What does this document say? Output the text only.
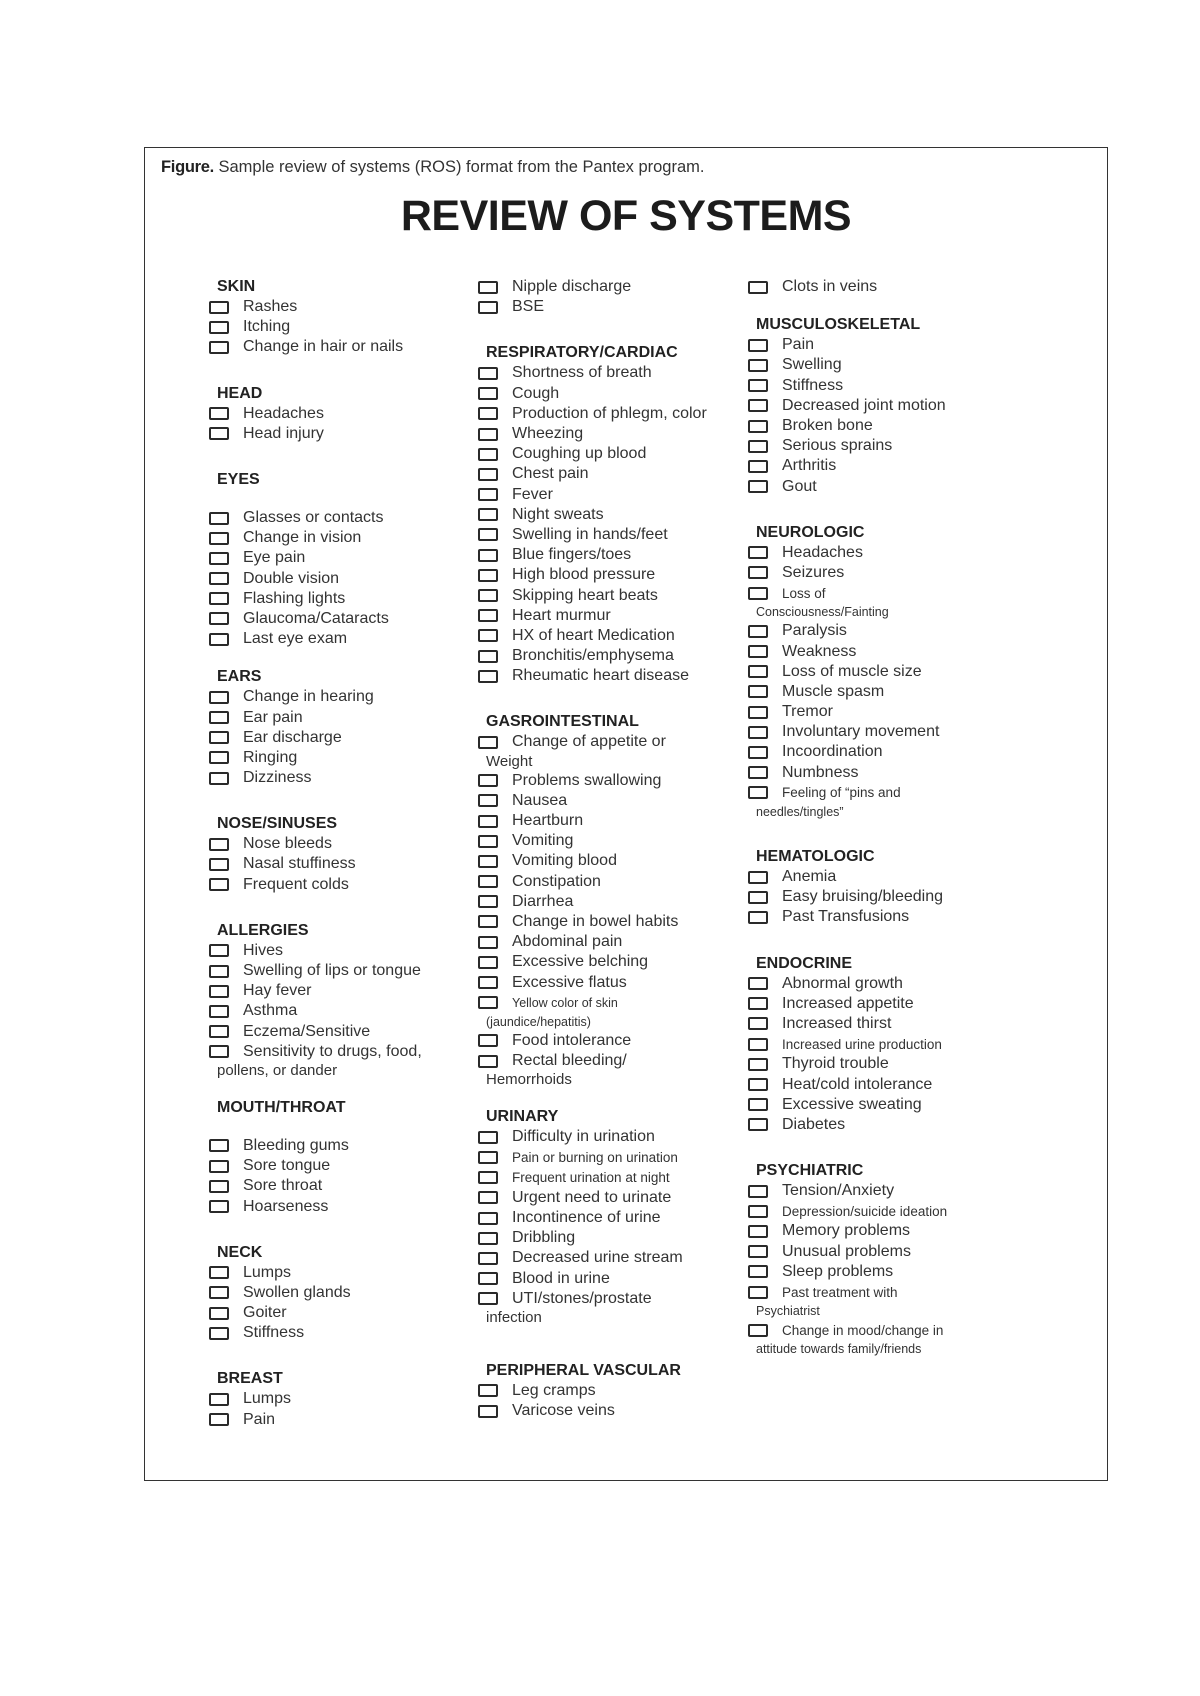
Figure. Sample review of systems (ROS) format from the Pantex program.
REVIEW OF SYSTEMS
SKIN
Rashes
Itching
Change in hair or nails
HEAD
Headaches
Head injury
EYES
Glasses or contacts
Change in vision
Eye pain
Double vision
Flashing lights
Glaucoma/Cataracts
Last eye exam
EARS
Change in hearing
Ear pain
Ear discharge
Ringing
Dizziness
NOSE/SINUSES
Nose bleeds
Nasal stuffiness
Frequent colds
ALLERGIES
Hives
Swelling of lips or tongue
Hay fever
Asthma
Eczema/Sensitive
Sensitivity to drugs, food,
pollens, or dander
MOUTH/THROAT
Bleeding gums
Sore tongue
Sore throat
Hoarseness
NECK
Lumps
Swollen glands
Goiter
Stiffness
BREAST
Lumps
Pain
Nipple discharge
BSE
RESPIRATORY/CARDIAC
Shortness of breath
Cough
Production of phlegm, color
Wheezing
Coughing up blood
Chest pain
Fever
Night sweats
Swelling in hands/feet
Blue fingers/toes
High blood pressure
Skipping heart beats
Heart murmur
HX of heart Medication
Bronchitis/emphysema
Rheumatic heart disease
GASROINTESTINAL
Change of appetite or
Weight
Problems swallowing
Nausea
Heartburn
Vomiting
Vomiting blood
Constipation
Diarrhea
Change in bowel habits
Abdominal pain
Excessive belching
Excessive flatus
Yellow color of skin
(jaundice/hepatitis)
Food intolerance
Rectal bleeding/
Hemorrhoids
URINARY
Difficulty in urination
Pain or burning on urination
Frequent urination at night
Urgent need to urinate
Incontinence of urine
Dribbling
Decreased urine stream
Blood in urine
UTI/stones/prostate
infection
PERIPHERAL VASCULAR
Leg cramps
Varicose veins
Clots in veins
MUSCULOSKELETAL
Pain
Swelling
Stiffness
Decreased joint motion
Broken bone
Serious sprains
Arthritis
Gout
NEUROLOGIC
Headaches
Seizures
Loss of
Consciousness/Fainting
Paralysis
Weakness
Loss of muscle size
Muscle spasm
Tremor
Involuntary movement
Incoordination
Numbness
Feeling of “pins and
needles/tingles”
HEMATOLOGIC
Anemia
Easy bruising/bleeding
Past Transfusions
ENDOCRINE
Abnormal growth
Increased appetite
Increased thirst
Increased urine production
Thyroid trouble
Heat/cold intolerance
Excessive sweating
Diabetes
PSYCHIATRIC
Tension/Anxiety
Depression/suicide ideation
Memory problems
Unusual problems
Sleep problems
Past treatment with
Psychiatrist
Change in mood/change in
attitude towards family/friends
